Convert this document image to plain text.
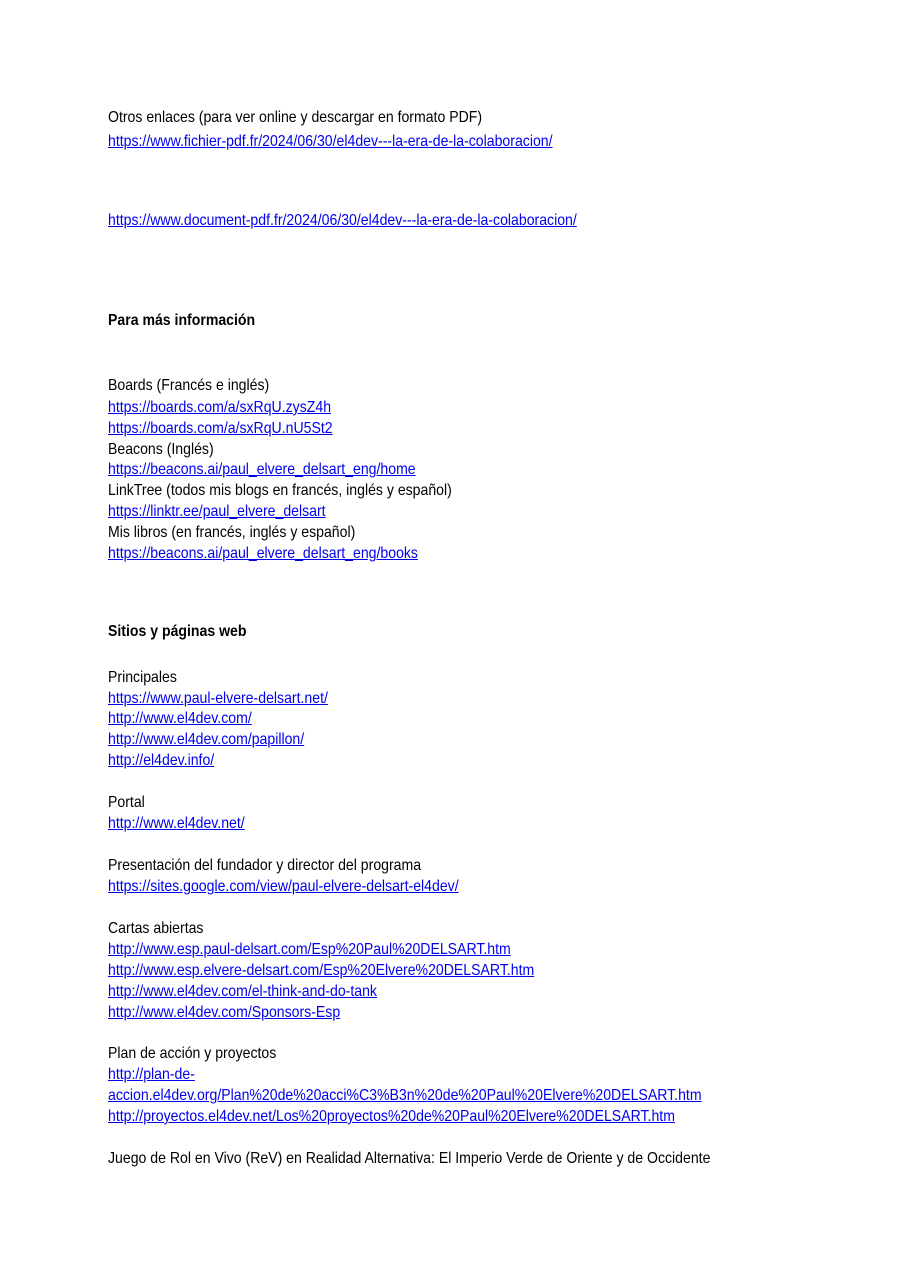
Otros enlaces (para ver online y descargar en formato PDF)
https://www.fichier-pdf.fr/2024/06/30/el4dev---la-era-de-la-colaboracion/
https://www.document-pdf.fr/2024/06/30/el4dev---la-era-de-la-colaboracion/
Para más información
Boards (Francés e inglés)
https://boards.com/a/sxRqU.zysZ4h
https://boards.com/a/sxRqU.nU5St2
Beacons (Inglés)
https://beacons.ai/paul_elvere_delsart_eng/home
LinkTree (todos mis blogs en francés, inglés y español)
https://linktr.ee/paul_elvere_delsart
Mis libros (en francés, inglés y español)
https://beacons.ai/paul_elvere_delsart_eng/books
Sitios y páginas web
Principales
https://www.paul-elvere-delsart.net/
http://www.el4dev.com/
http://www.el4dev.com/papillon/
http://el4dev.info/
Portal
http://www.el4dev.net/
Presentación del fundador y director del programa
https://sites.google.com/view/paul-elvere-delsart-el4dev/
Cartas abiertas
http://www.esp.paul-delsart.com/Esp%20Paul%20DELSART.htm
http://www.esp.elvere-delsart.com/Esp%20Elvere%20DELSART.htm
http://www.el4dev.com/el-think-and-do-tank
http://www.el4dev.com/Sponsors-Esp
Plan de acción y proyectos
http://plan-de-
accion.el4dev.org/Plan%20de%20acci%C3%B3n%20de%20Paul%20Elvere%20DELSART.htm
http://proyectos.el4dev.net/Los%20proyectos%20de%20Paul%20Elvere%20DELSART.htm
Juego de Rol en Vivo (ReV) en Realidad Alternativa: El Imperio Verde de Oriente y de Occidente
